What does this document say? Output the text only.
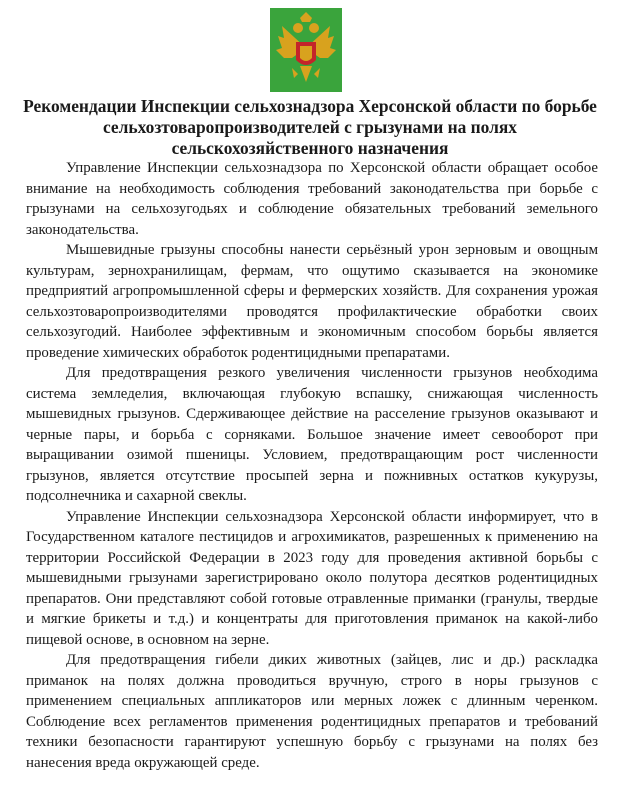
Рекомендации Инспекции сельхознадзора Херсонской области по борьбе сельхозтоваропроизводителей с грызунами на полях сельскохозяйственного назначения

Управление Инспекции сельхознадзора по Херсонской области обращает особое внимание на необходимость соблюдения требований законодательства при борьбе с грызунами на сельхозугодьях и соблюдение обязательных требований земельного законодательства.

Мышевидные грызуны способны нанести серьёзный урон зерновым и овощным культурам, зернохранилищам, фермам, что ощутимо сказывается на экономике предприятий агропромышленной сферы и фермерских хозяйств. Для сохранения урожая сельхозтоваропроизводителями проводятся профилактические обработки своих сельхозугодий. Наиболее эффективным и экономичным способом борьбы является проведение химических обработок родентицидными препаратами.

Для предотвращения резкого увеличения численности грызунов необходима система земледелия, включающая глубокую вспашку, снижающая численность мышевидных грызунов. Сдерживающее действие на расселение грызунов оказывают и черные пары, и борьба с сорняками. Большое значение имеет севооборот при выращивании озимой пшеницы. Условием, предотвращающим рост численности грызунов, является отсутствие просыпей зерна и пожнивных остатков кукурузы, подсолнечника и сахарной свеклы.

Управление Инспекции сельхознадзора Херсонской области информирует, что в Государственном каталоге пестицидов и агрохимикатов, разрешенных к применению на территории Российской Федерации в 2023 году для проведения активной борьбы с мышевидными грызунами зарегистрировано около полутора десятков родентицидных препаратов. Они представляют собой готовые отравленные приманки (гранулы, твердые и мягкие брикеты и т.д.) и концентраты для приготовления приманок на какой-либо пищевой основе, в основном на зерне.

Для предотвращения гибели диких животных (зайцев, лис и др.) раскладка приманок на полях должна проводиться вручную, строго в норы грызунов с применением специальных аппликаторов или мерных ложек с длинным черенком. Соблюдение всех регламентов применения родентицидных препаратов и требований техники безопасности гарантируют успешную борьбу с грызунами на полях без нанесения вреда окружающей среде.
